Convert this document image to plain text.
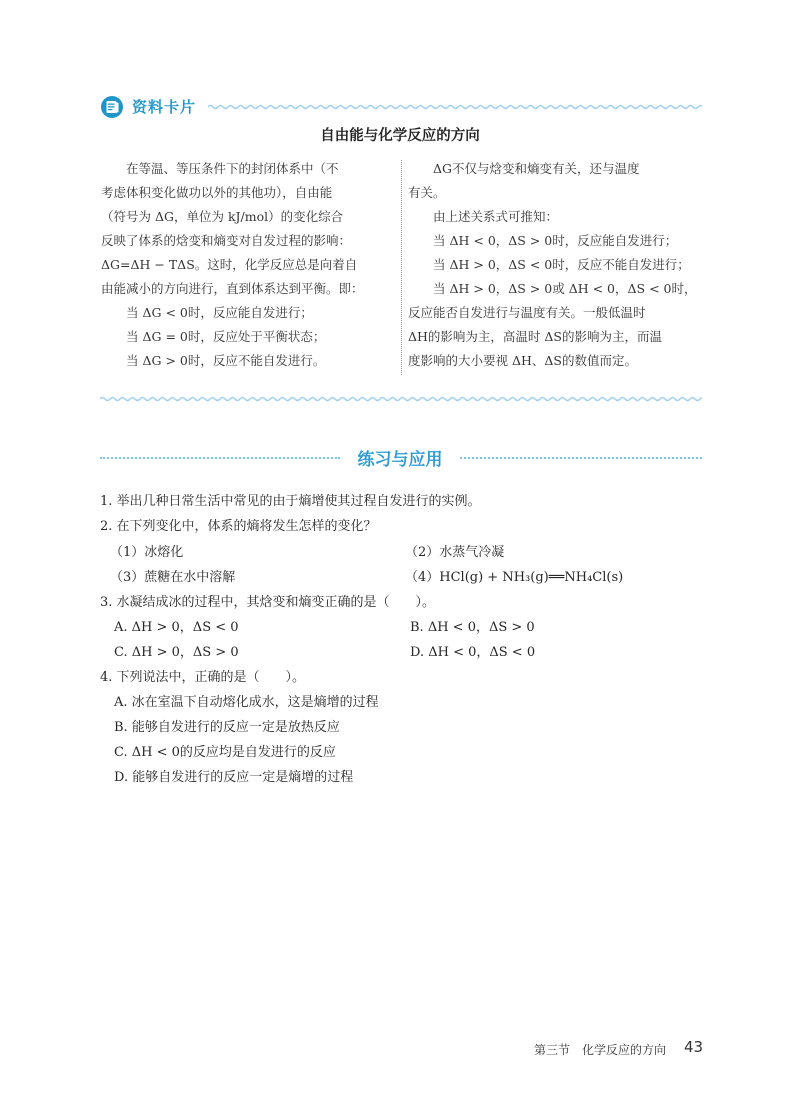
资料卡片
自由能与化学反应的方向

在等温、等压条件下的封闭体系中（不

考虑体积变化做功以外的其他功），自由能

（符号为 ΔG，单位为 kJ/mol）的变化综合

反映了体系的焓变和熵变对自发过程的影响：

ΔG=ΔH − TΔS。这时，化学反应总是向着自

由能减小的方向进行，直到体系达到平衡。即：

当 ΔG < 0时，反应能自发进行；

当 ΔG = 0时，反应处于平衡状态；

当 ΔG > 0时，反应不能自发进行。

ΔG不仅与焓变和熵变有关，还与温度

有关。

由上述关系式可推知：

当 ΔH < 0，ΔS > 0时，反应能自发进行；

当 ΔH > 0，ΔS < 0时，反应不能自发进行；

当 ΔH > 0，ΔS > 0或 ΔH < 0，ΔS < 0时，

反应能否自发进行与温度有关。一般低温时

ΔH的影响为主，高温时 ΔS的影响为主，而温

度影响的大小要视 ΔH、ΔS的数值而定。

练习与应用
1. 举出几种日常生活中常见的由于熵增使其过程自发进行的实例。
2. 在下列变化中，体系的熵将发生怎样的变化？
（1）冰熔化	（2）水蒸气冷凝
（3）蔗糖在水中溶解	（4）HCl(g) + NH₃(g)══NH₄Cl(s)
3. 水凝结成冰的过程中，其焓变和熵变正确的是（　　）。
A. ΔH > 0，ΔS < 0	B. ΔH < 0，ΔS > 0
C. ΔH > 0，ΔS > 0	D. ΔH < 0，ΔS < 0
4. 下列说法中，正确的是（　　）。
A. 冰在室温下自动熔化成水，这是熵增的过程
B. 能够自发进行的反应一定是放热反应
C. ΔH < 0的反应均是自发进行的反应
D. 能够自发进行的反应一定是熵增的过程
第三节　化学反应的方向 43
